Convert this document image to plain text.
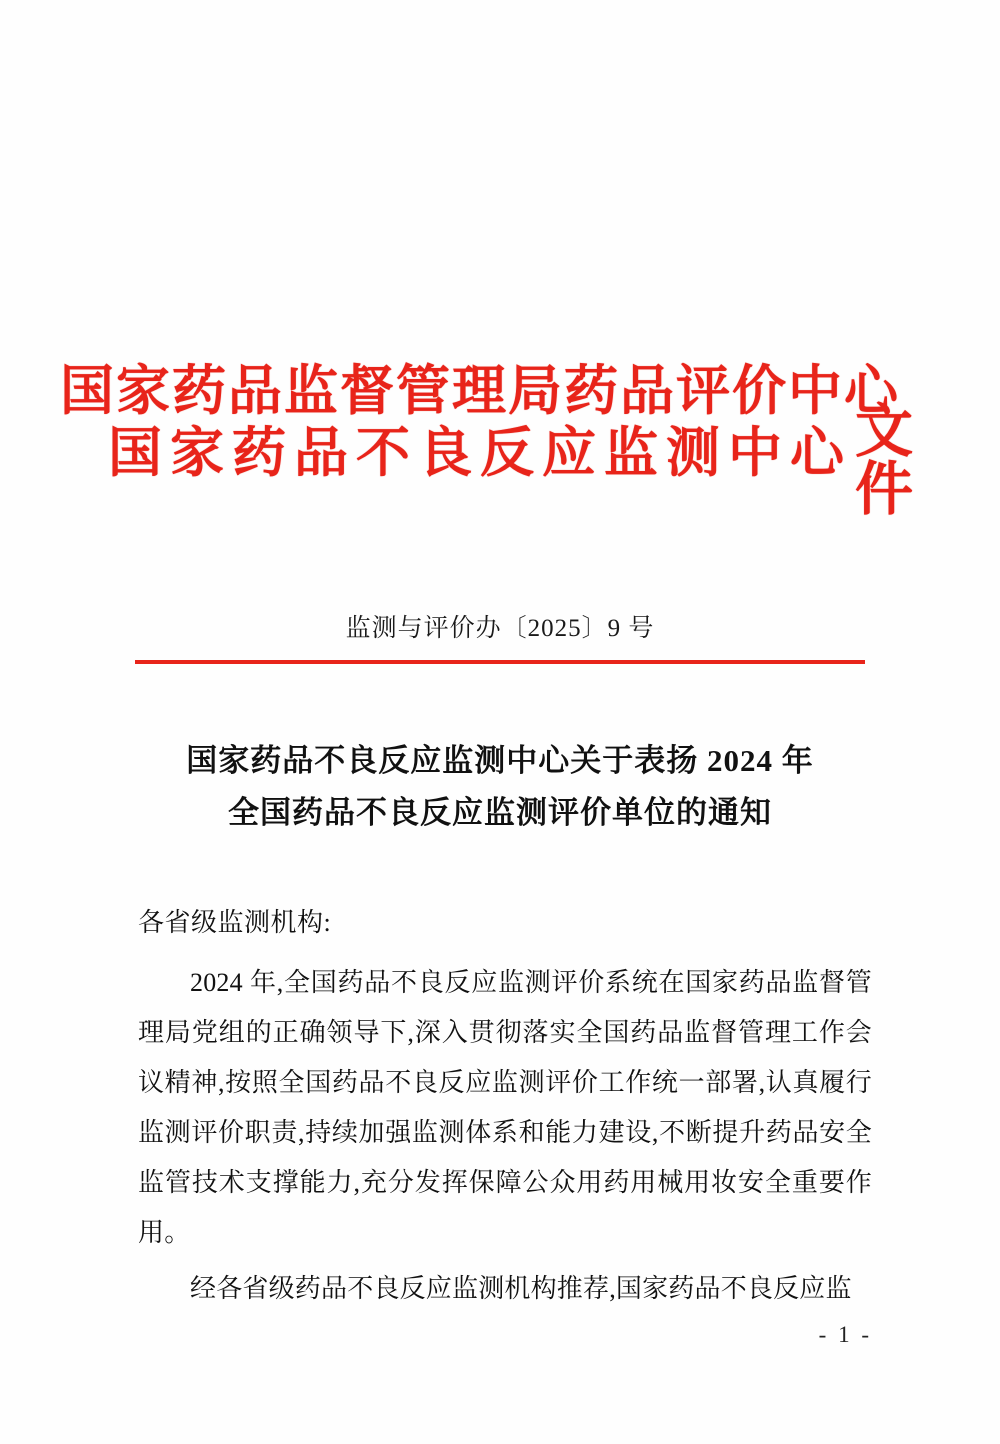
国家药品监督管理局药品评价中心
国家药品不良反应监测中心
文件
监测与评价办〔2025〕9 号
国家药品不良反应监测中心关于表扬 2024 年
全国药品不良反应监测评价单位的通知
各省级监测机构:

2024 年,全国药品不良反应监测评价系统在国家药品监督管理局党组的正确领导下,深入贯彻落实全国药品监督管理工作会议精神,按照全国药品不良反应监测评价工作统一部署,认真履行监测评价职责,持续加强监测体系和能力建设,不断提升药品安全监管技术支撑能力,充分发挥保障公众用药用械用妆安全重要作用。

经各省级药品不良反应监测机构推荐,国家药品不良反应监

- 1 -
